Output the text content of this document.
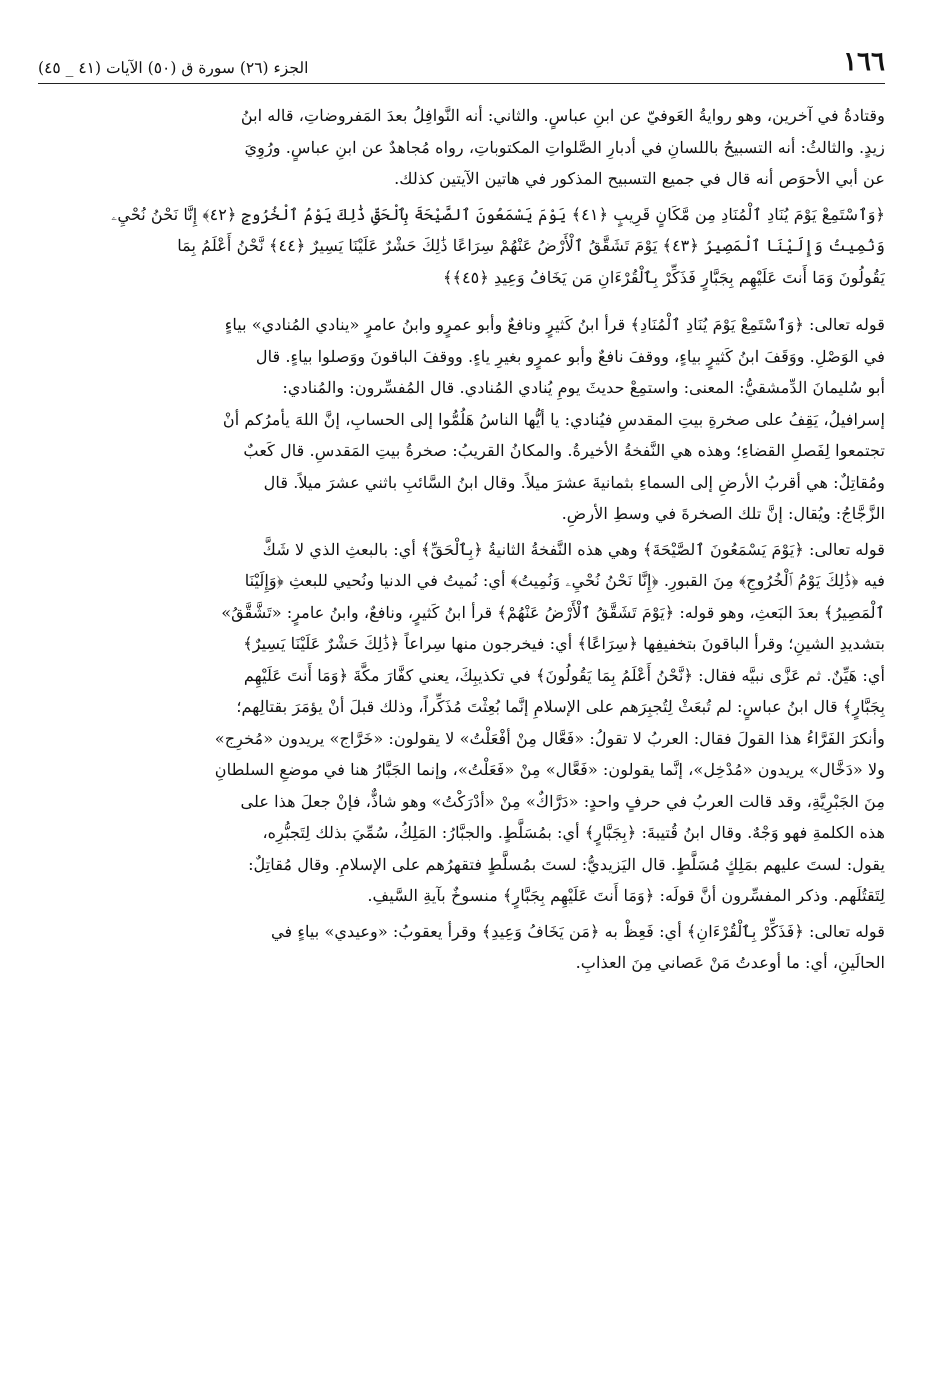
١٦٦
الجزء (٢٦) سورة ق (٥٠) الآيات (٤١ _ ٤٥)

وقتادةُ في آخرين، وهو روايةُ العَوفيّ عن ابنِ عباسٍ. والثاني: أنه النَّوافِلُ بعدَ المَفروضاتِ، قاله ابنُ
زيدٍ. والثالثُ: أنه التسبيحُ باللسانِ في أدبارِ الصَّلواتِ المكتوباتِ، رواه مُجاهدٌ عن ابنِ عباسٍ. ورُوِيَ
عن أبي الأحوَص أنه قال في جميع التسبيح المذكور في هاتين الآيتين كذلك.

﴿وَٱسْتَمِعْ يَوْمَ يُنَادِ ٱلْمُنَادِ مِن مَّكَانٍ قَرِيبٍ ﴿٤١﴾ يَوْمَ يَسْمَعُونَ ٱلصَّيْحَةَ بِٱلْحَقِّ ذَٰلِكَ يَوْمُ ٱلْخُرُوجِ ﴿٤٢﴾ إِنَّا نَحْنُ نُحْيِۦ
وَنُمِيتُ وَإِلَيْنَا ٱلْمَصِيرُ ﴿٤٣﴾ يَوْمَ تَشَقَّقُ ٱلْأَرْضُ عَنْهُمْ سِرَاعًا ذَٰلِكَ حَشْرٌ عَلَيْنَا يَسِيرٌ ﴿٤٤﴾ نَّحْنُ أَعْلَمُ بِمَا
يَقُولُونَ وَمَا أَنتَ عَلَيْهِم بِجَبَّارٍ فَذَكِّرْ بِٱلْقُرْءَانِ مَن يَخَافُ وَعِيدِ ﴿٤٥﴾﴾

قوله تعالى: ﴿وَٱسْتَمِعْ يَوْمَ يُنَادِ ٱلْمُنَادِ﴾ قرأ ابنُ كَثيرٍ ونافعٌ وأبو عمرٍو وابنُ عامرٍ «ينادي المُنادي» بياءٍ
في الوَصْلِ. ووَقَفَ ابنُ كَثيرٍ بياءٍ، ووقفَ نافعٌ وأبو عمرٍو بغيرِ ياءٍ. ووقفَ الباقونَ ووَصلوا بياءٍ. قال
أبو سُليمانَ الدِّمشقيُّ: المعنى: واستمِعْ حديثَ يومِ يُنادي المُنادي. قال المُفسِّرون: والمُنادي:
إسرافيلُ، يَقِفُ على صخرةِ بيتِ المقدسِ فيُنادي: يا أيُّها الناسُ هَلُمُّوا إلى الحسابِ، إنَّ اللهَ يأمرُكم أنْ
تجتمعوا لِفَصلِ القضاءِ؛ وهذه هي النَّفخةُ الأخيرةُ. والمكانُ القريبُ: صخرةُ بيتِ المَقدسِ. قال كَعبٌ
ومُقاتِلٌ: هي أقربُ الأرضِ إلى السماءِ بثمانيةَ عشرَ ميلاً. وقال ابنُ السَّائبِ باثني عشرَ ميلاً. قال
الزَّجَّاجُ: ويُقال: إنَّ تلك الصخرةَ في وسطِ الأرضِ.

قوله تعالى: ﴿يَوْمَ يَسْمَعُونَ ٱلصَّيْحَةَ﴾ وهي هذه النَّفخةُ الثانيةُ ﴿بِٱلْحَقِّ﴾ أي: بالبعثِ الذي لا شَكَّ
فيه ﴿ذَٰلِكَ يَوْمُ ٱلْخُرُوجِ﴾ مِنَ القبورِ. ﴿إِنَّا نَحْنُ نُحْيِۦ وَنُمِيتُ﴾ أي: نُميتُ في الدنيا ونُحيي للبعثِ ﴿وَإِلَيْنَا
ٱلْمَصِيرُ﴾ بعدَ البَعثِ، وهو قوله: ﴿يَوْمَ تَشَقَّقُ ٱلْأَرْضُ عَنْهُمْ﴾ قرأ ابنُ كَثيرٍ، ونافعٌ، وابنُ عامرٍ: «تَشَّقَّقُ»
بتشديدِ الشينِ؛ وقرأ الباقونَ بتخفيفِها ﴿سِرَاعًا﴾ أي: فيخرجون منها سِراعاً ﴿ذَٰلِكَ حَشْرٌ عَلَيْنَا يَسِيرٌ﴾
أي: هَيِّنٌ. ثم عَزَّى نبيَّه فقال: ﴿نَّحْنُ أَعْلَمُ بِمَا يَقُولُونَ﴾ في تكذيبِكَ، يعني كفَّارَ مكَّةَ ﴿وَمَا أَنتَ عَلَيْهِم
بِجَبَّارٍ﴾ قال ابنُ عباسٍ: لم تُبعَثْ لِتُجبِرَهم على الإسلامِ إنَّما بُعِثْتَ مُذَكِّراً، وذلك قبلَ أنْ يؤمَرَ بقتالِهم؛
وأنكرَ الفَرَّاءُ هذا القولَ فقال: العربُ لا تقولُ: «فَعَّال مِنْ أفْعَلْتُ» لا يقولون: «خَرَّاج» يريدون «مُخرِج»
ولا «دَخَّال» يريدون «مُدْخِل»، إنَّما يقولون: «فَعَّال» مِنْ «فَعَلْتُ»، وإنما الجَبَّارُ هنا في موضعِ السلطانِ
مِنَ الجَبْرِيَّةِ، وقد قالت العربُ في حرفٍ واحدٍ: «دَرَّاكٌ» مِنْ «أدْرَكْتُ» وهو شاذٌّ، فإنْ جعلَ هذا على
هذه الكلمةِ فهو وَجْهٌ. وقال ابنُ قُتيبةَ: ﴿بِجَبَّارٍ﴾ أي: بمُسَلَّطٍ. والجبَّارُ: المَلِكُ، سُمِّيَ بذلك لِتَجبُّرِه،
يقول: لستَ عليهم بمَلِكٍ مُسَلَّطٍ. قال اليَزيديُّ: لستَ بمُسلَّطٍ فتقهرُهم على الإسلامِ. وقال مُقاتِلٌ:
لِتَقتُلَهم. وذكر المفسِّرون أنَّ قولَه: ﴿وَمَا أَنتَ عَلَيْهِم بِجَبَّارٍ﴾ منسوخٌ بآيةِ السَّيفِ.

قوله تعالى: ﴿فَذَكِّرْ بِٱلْقُرْءَانِ﴾ أي: فَعِظْ به ﴿مَن يَخَافُ وَعِيدِ﴾ وقرأ يعقوبُ: «وعيدي» بياءٍ في
الحالَينِ، أي: ما أوعدتُ مَنْ عَصاني مِنَ العذابِ.
